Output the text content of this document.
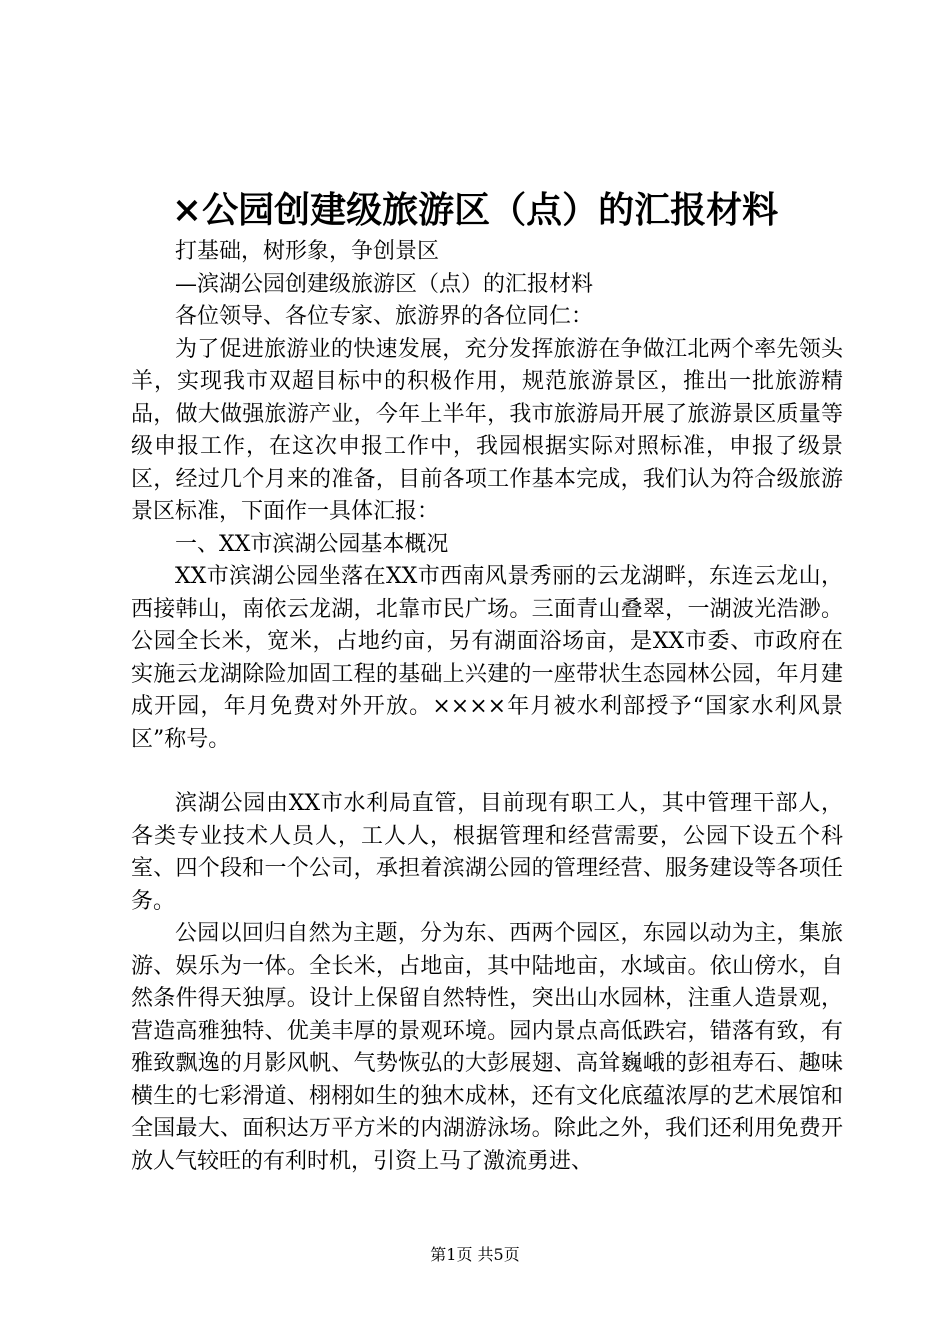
×公园创建级旅游区（点）的汇报材料

打基础，树形象，争创景区

—滨湖公园创建级旅游区（点）的汇报材料

各位领导、各位专家、旅游界的各位同仁：

为了促进旅游业的快速发展，充分发挥旅游在争做江北两个率先领头羊，实现我市双超目标中的积极作用，规范旅游景区，推出一批旅游精品，做大做强旅游产业，今年上半年，我市旅游局开展了旅游景区质量等级申报工作，在这次申报工作中，我园根据实际对照标准，申报了级景区，经过几个月来的准备，目前各项工作基本完成，我们认为符合级旅游景区标准，下面作一具体汇报：

一、XX市滨湖公园基本概况

XX市滨湖公园坐落在XX市西南风景秀丽的云龙湖畔，东连云龙山，西接韩山，南依云龙湖，北靠市民广场。三面青山叠翠，一湖波光浩渺。公园全长米，宽米，占地约亩，另有湖面浴场亩，是XX市委、市政府在实施云龙湖除险加固工程的基础上兴建的一座带状生态园林公园，年月建成开园，年月免费对外开放。××××年月被水利部授予“国家水利风景区”称号。

滨湖公园由XX市水利局直管，目前现有职工人，其中管理干部人，各类专业技术人员人，工人人，根据管理和经营需要，公园下设五个科室、四个段和一个公司，承担着滨湖公园的管理经营、服务建设等各项任务。

公园以回归自然为主题，分为东、西两个园区，东园以动为主，集旅游、娱乐为一体。全长米，占地亩，其中陆地亩，水域亩。依山傍水，自然条件得天独厚。设计上保留自然特性，突出山水园林，注重人造景观，营造高雅独特、优美丰厚的景观环境。园内景点高低跌宕，错落有致，有雅致飘逸的月影风帆、气势恢弘的大彭展翅、高耸巍峨的彭祖寿石、趣味横生的七彩滑道、栩栩如生的独木成林，还有文化底蕴浓厚的艺术展馆和全国最大、面积达万平方米的内湖游泳场。除此之外，我们还利用免费开放人气较旺的有利时机，引资上马了激流勇进、

第1页 共5页
